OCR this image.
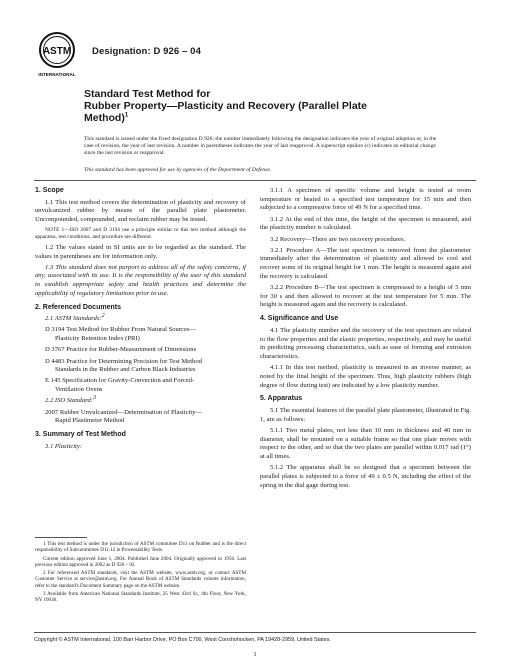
ASTM
INTERNATIONAL
Designation: D 926 – 04
Standard Test Method for
Rubber Property—Plasticity and Recovery (Parallel Plate
Method)$^1$
This standard is issued under the fixed designation D 926; the number immediately following the designation indicates the year of original adoption or, in the case of revision, the year of last revision. A number in parentheses indicates the year of last reapproval. A superscript epsilon (ε) indicates an editorial change since the last revision or reapproval.
This standard has been approved for use by agencies of the Department of Defense.
1. Scope

1.1 This test method covers the determination of plasticity and recovery of unvulcanized rubber by means of the parallel plate plastometer. Uncompounded, compounded, and reclaim rubber may be tested.

NOTE 1—ISO 2007 and D 3194 use a principle similar to this test method although the apparatus, test conditions, and procedure are different.

1.2 The values stated in SI units are to be regarded as the standard. The values in parentheses are for information only.

1.3 This standard does not purport to address all of the safety concerns, if any, associated with its use. It is the responsibility of the user of this standard to establish appropriate safety and health practices and determine the applicability of regulatory limitations prior to use.

2. Referenced Documents

2.1 ASTM Standards:$^2$

D 3194 Test Method for Rubber From Natural Sources—
Plasticity Retention Index (PRI)

D 3767 Practice for Rubber-Measurement of Dimensions

D 4483 Practice for Determining Precision for Test Method
Standards in the Rubber and Carbon Black Industries

E 145 Specification for Gravity-Convection and Forced-
Ventilation Ovens

2.2 ISO Standard:$^3$

2007 Rubber Unvulcanized—Determination of Plasticity—
Rapid Plastimeter Method

3. Summary of Test Method

3.1 Plasticity:

3.1.1 A specimen of specific volume and height is tested at room temperature or heated to a specified test temperature for 15 min and then subjected to a compressive force of 49 N for a specified time.

3.1.2 At the end of this time, the height of the specimen is measured, and the plasticity number is calculated.

3.2 Recovery—There are two recovery procedures.

3.2.1 Procedure A—The test specimen is removed from the plastometer immediately after the determination of plasticity and allowed to cool and recover some of its original height for 1 min. The height is measured again and the recovery is calculated.

3.2.2 Procedure B—The test specimen is compressed to a height of 5 mm for 30 s and then allowed to recover at the test temperature for 5 min. The height is measured again and the recovery is calculated.

4. Significance and Use

4.1 The plasticity number and the recovery of the test specimen are related to the flow properties and the elastic properties, respectively, and may be useful in predicting processing characteristics, such as ease of forming and extrusion characteristics.

4.1.1 In this test method, plasticity is measured in an inverse manner, as noted by the final height of the specimen. Thus, high plasticity rubbers (high degree of flow during test) are indicated by a low plasticity number.

5. Apparatus

5.1 The essential features of the parallel plate plastometer, illustrated in Fig. 1, are as follows:

5.1.1 Two metal plates, not less than 10 mm in thickness and 40 mm in diameter, shall be mounted on a suitable frame so that one plate moves with respect to the other, and so that the two plates are parallel within 0.017 rad (1°) at all times.

5.1.2 The apparatus shall be so designed that a specimen between the parallel plates is subjected to a force of 49 ± 0.5 N, including the effect of the spring in the dial gage during test.

1 This test method is under the jurisdiction of ASTM committee D11 on Rubber and is the direct responsibility of Subcommittee D11.12 in Processability Tests.

Current edition approved June 1, 2004. Published June 2004. Originally approved in 1956. Last previous edition approved in 2002 as D 926 – 02.

2 For referenced ASTM standards, visit the ASTM website, www.astm.org, or contact ASTM Customer Service at service@astm.org. For Annual Book of ASTM Standards volume information, refer to the standard's Document Summary page on the ASTM website.

3 Available from American National Standards Institute, 25 West 43rd St., 4th Floor, New York, NY 10036.

Copyright © ASTM International, 100 Barr Harbor Drive, PO Box C700, West Conshohocken, PA 19428-2959, United States.
1
